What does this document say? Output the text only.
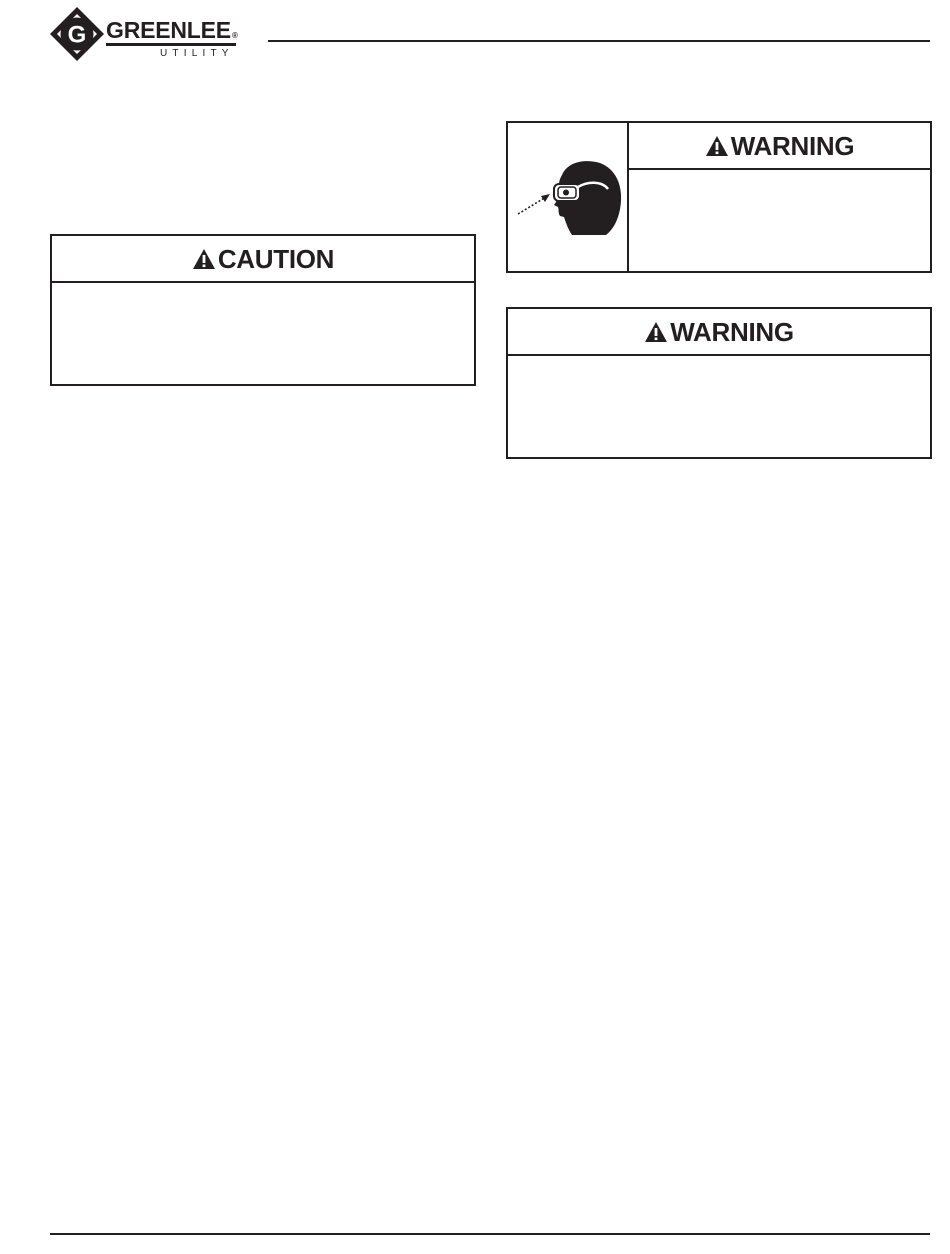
G GREENLEE®
UTILITY
CAUTION
WARNING
WARNING
